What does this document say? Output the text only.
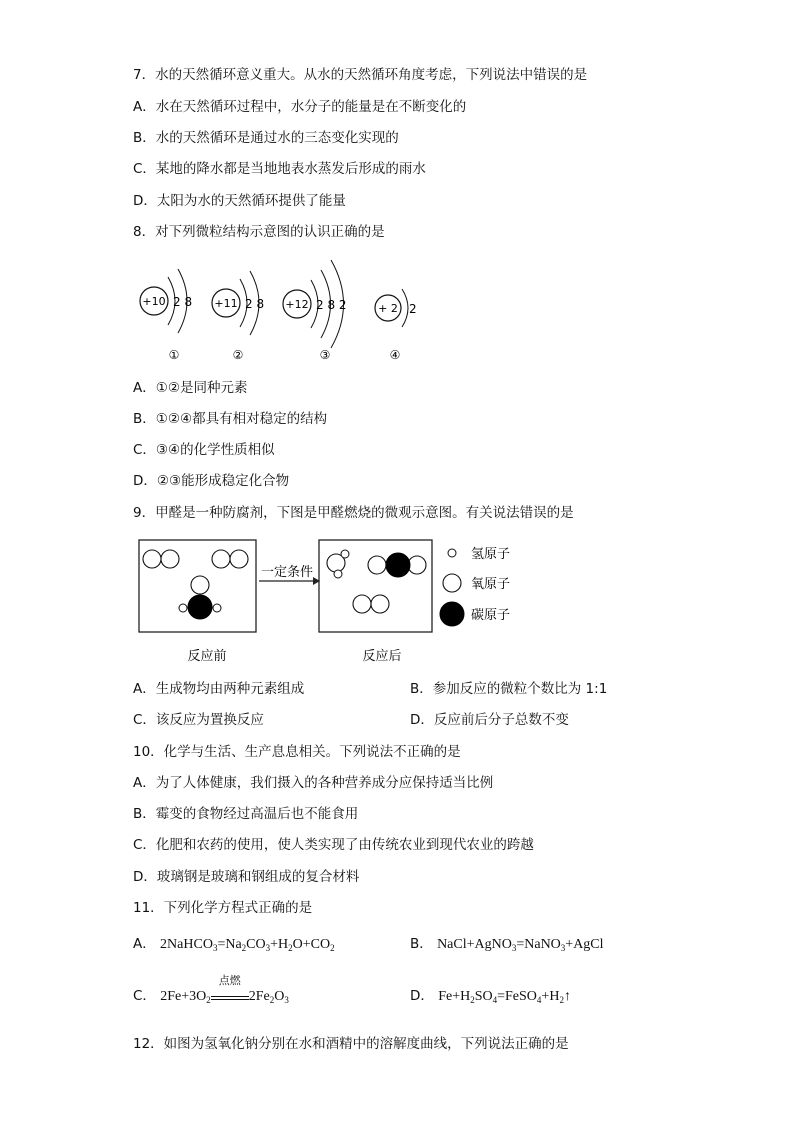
7．水的天然循环意义重大。从水的天然循环角度考虑，下列说法中错误的是
A．水在天然循环过程中，水分子的能量是在不断变化的
B．水的天然循环是通过水的三态变化实现的
C．某地的降水都是当地地表水蒸发后形成的雨水
D．太阳为水的天然循环提供了能量
8．对下列微粒结构示意图的认识正确的是
+10 2 8
①
+11 2 8
②
+12 2 8 2
③
+ 2 2
④
A．①②是同种元素
B．①②④都具有相对稳定的结构
C．③④的化学性质相似
D．②③能形成稳定化合物
9．甲醛是一种防腐剂，下图是甲醛燃烧的微观示意图。有关说法错误的是
一定条件
氢原子
氧原子
碳原子
反应前	反应后
A．生成物均由两种元素组成	B．参加反应的微粒个数比为 1:1
C．该反应为置换反应	D．反应前后分子总数不变
10．化学与生活、生产息息相关。下列说法不正确的是
A．为了人体健康，我们摄入的各种营养成分应保持适当比例
B．霉变的食物经过高温后也不能食用
C．化肥和农药的使用，使人类实现了由传统农业到现代农业的跨越
D．玻璃钢是玻璃和钢组成的复合材料
11．下列化学方程式正确的是
A． $2NaHCO_3=Na_2CO_3+H_2O+CO_2$	B． NaCl+AgNO$_3$=NaNO$_3$+AgCl
C． $2Fe+3O_2$
点燃
$2Fe_2O_3$	D． $Fe+H_2SO_4=FeSO_4+H_2↑$
12．如图为氢氧化钠分别在水和酒精中的溶解度曲线，下列说法正确的是
